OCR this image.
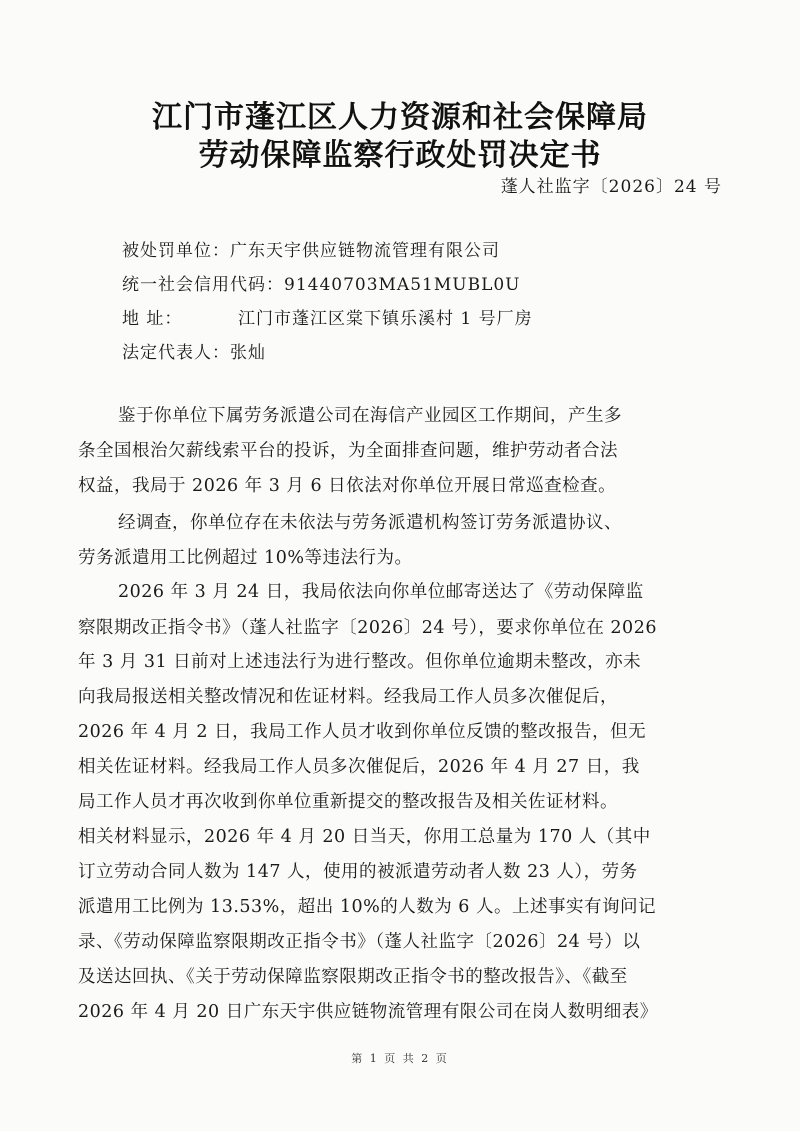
江门市蓬江区人力资源和社会保障局
劳动保障监察行政处罚决定书
蓬人社监字〔2026〕24 号
被处罚单位：广东天宇供应链物流管理有限公司
统一社会信用代码：91440703MA51MUBL0U
地 址：	江门市蓬江区棠下镇乐溪村 1 号厂房
法定代表人：张灿
鉴于你单位下属劳务派遣公司在海信产业园区工作期间，产生多
条全国根治欠薪线索平台的投诉，为全面排查问题，维护劳动者合法
权益，我局于 2026 年 3 月 6 日依法对你单位开展日常巡查检查。
经调查，你单位存在未依法与劳务派遣机构签订劳务派遣协议、
劳务派遣用工比例超过 10%等违法行为。
2026 年 3 月 24 日，我局依法向你单位邮寄送达了《劳动保障监
察限期改正指令书》（蓬人社监字〔2026〕24 号），要求你单位在 2026
年 3 月 31 日前对上述违法行为进行整改。但你单位逾期未整改，亦未
向我局报送相关整改情况和佐证材料。经我局工作人员多次催促后，
2026 年 4 月 2 日，我局工作人员才收到你单位反馈的整改报告，但无
相关佐证材料。经我局工作人员多次催促后，2026 年 4 月 27 日，我
局工作人员才再次收到你单位重新提交的整改报告及相关佐证材料。
相关材料显示，2026 年 4 月 20 日当天，你用工总量为 170 人（其中
订立劳动合同人数为 147 人，使用的被派遣劳动者人数 23 人），劳务
派遣用工比例为 13.53%，超出 10%的人数为 6 人。上述事实有询问记
录、《劳动保障监察限期改正指令书》（蓬人社监字〔2026〕24 号）以
及送达回执、《关于劳动保障监察限期改正指令书的整改报告》、《截至
2026 年 4 月 20 日广东天宇供应链物流管理有限公司在岗人数明细表》
第 1 页 共 2 页
